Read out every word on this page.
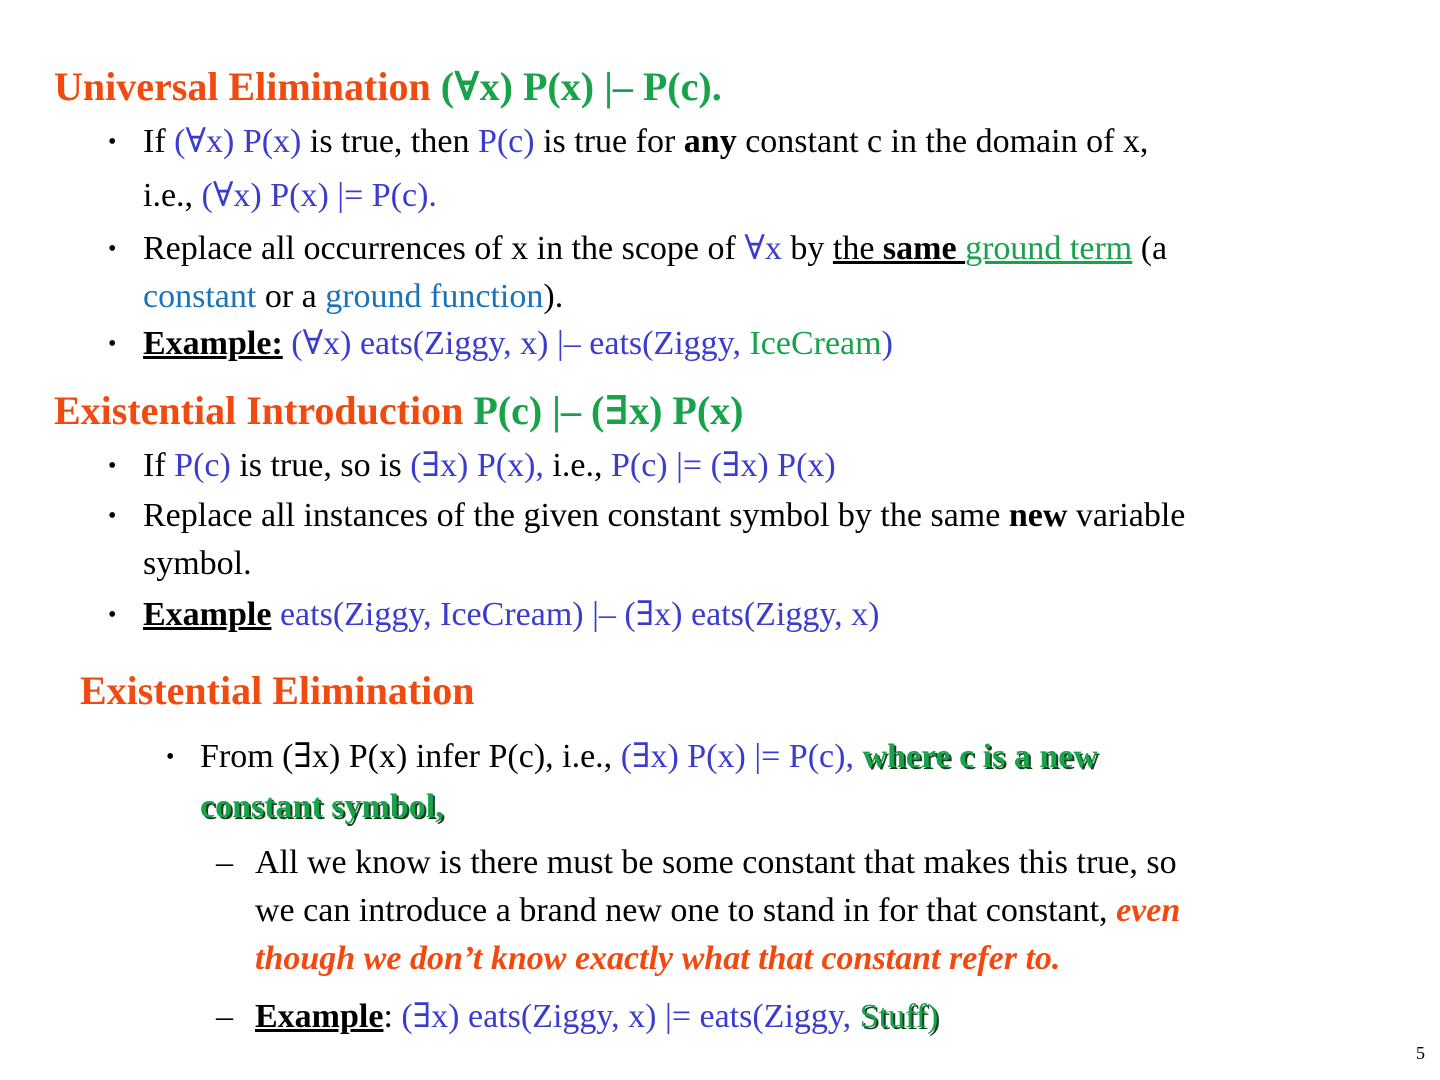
Universal Elimination (∀x) P(x) |– P(c).
• If (∀x) P(x) is true, then P(c) is true for any constant c in the domain of x,
i.e., (∀x) P(x) |= P(c).
• Replace all occurrences of x in the scope of ∀x by the same ground term (a
constant or a ground function).
• Example: (∀x) eats(Ziggy, x) |– eats(Ziggy, IceCream)
Existential Introduction P(c) |– (∃x) P(x)
• If P(c) is true, so is (∃x) P(x), i.e., P(c) |= (∃x) P(x)
• Replace all instances of the given constant symbol by the same new variable
symbol.
• Example eats(Ziggy, IceCream) |– (∃x) eats(Ziggy, x)
Existential Elimination
• From (∃x) P(x) infer P(c), i.e., (∃x) P(x) |= P(c), where c is a new
constant symbol,
– All we know is there must be some constant that makes this true, so
we can introduce a brand new one to stand in for that constant, even
though we don’t know exactly what that constant refer to.
– Example: (∃x) eats(Ziggy, x) |= eats(Ziggy, Stuff)
5
